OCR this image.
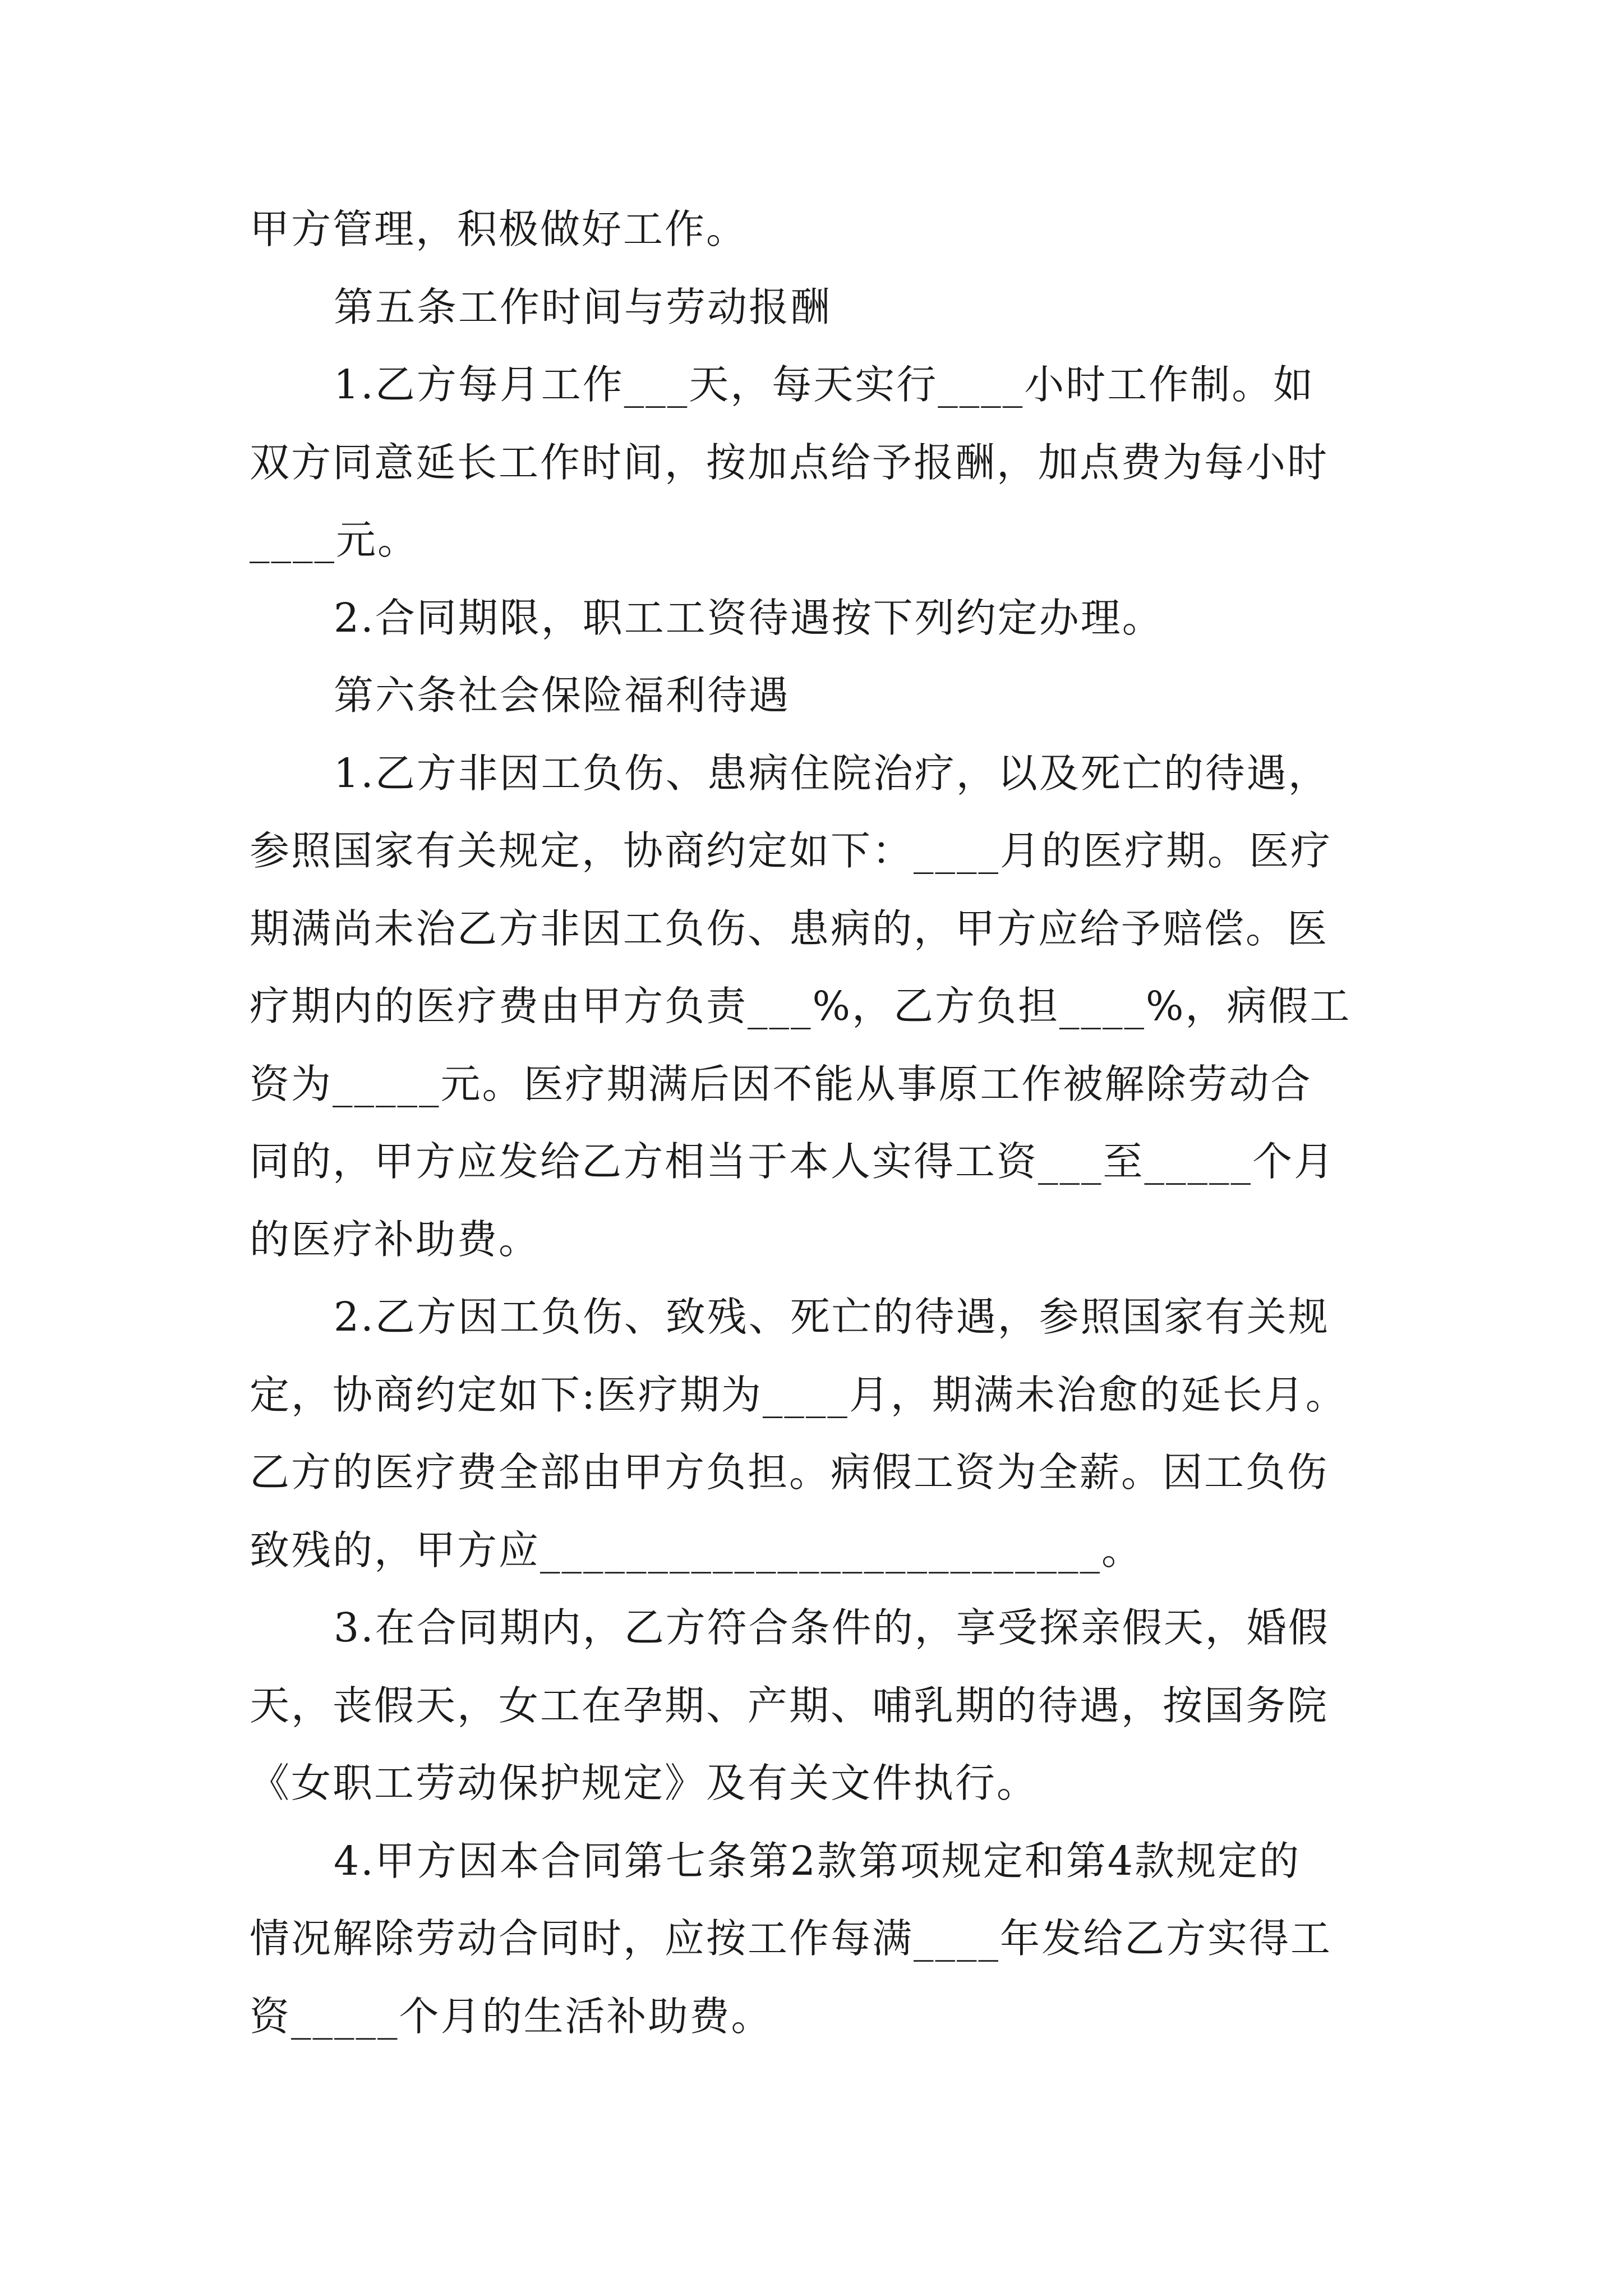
甲方管理，积极做好工作。
第五条工作时间与劳动报酬
1.乙方每月工作___天，每天实行____小时工作制。如
双方同意延长工作时间，按加点给予报酬，加点费为每小时
____元。
2.合同期限，职工工资待遇按下列约定办理。
第六条社会保险福利待遇
1.乙方非因工负伤、患病住院治疗，以及死亡的待遇，
参照国家有关规定，协商约定如下：____月的医疗期。医疗
期满尚未治乙方非因工负伤、患病的，甲方应给予赔偿。医
疗期内的医疗费由甲方负责___%，乙方负担____%，病假工
资为_____元。医疗期满后因不能从事原工作被解除劳动合
同的，甲方应发给乙方相当于本人实得工资___至_____个月
的医疗补助费。
2.乙方因工负伤、致残、死亡的待遇，参照国家有关规
定，协商约定如下:医疗期为____月，期满未治愈的延长月。
乙方的医疗费全部由甲方负担。病假工资为全薪。因工负伤
致残的，甲方应__________________________。
3.在合同期内，乙方符合条件的，享受探亲假天，婚假
天，丧假天，女工在孕期、产期、哺乳期的待遇，按国务院
《女职工劳动保护规定》及有关文件执行。
4.甲方因本合同第七条第2款第项规定和第4款规定的
情况解除劳动合同时，应按工作每满____年发给乙方实得工
资_____个月的生活补助费。
